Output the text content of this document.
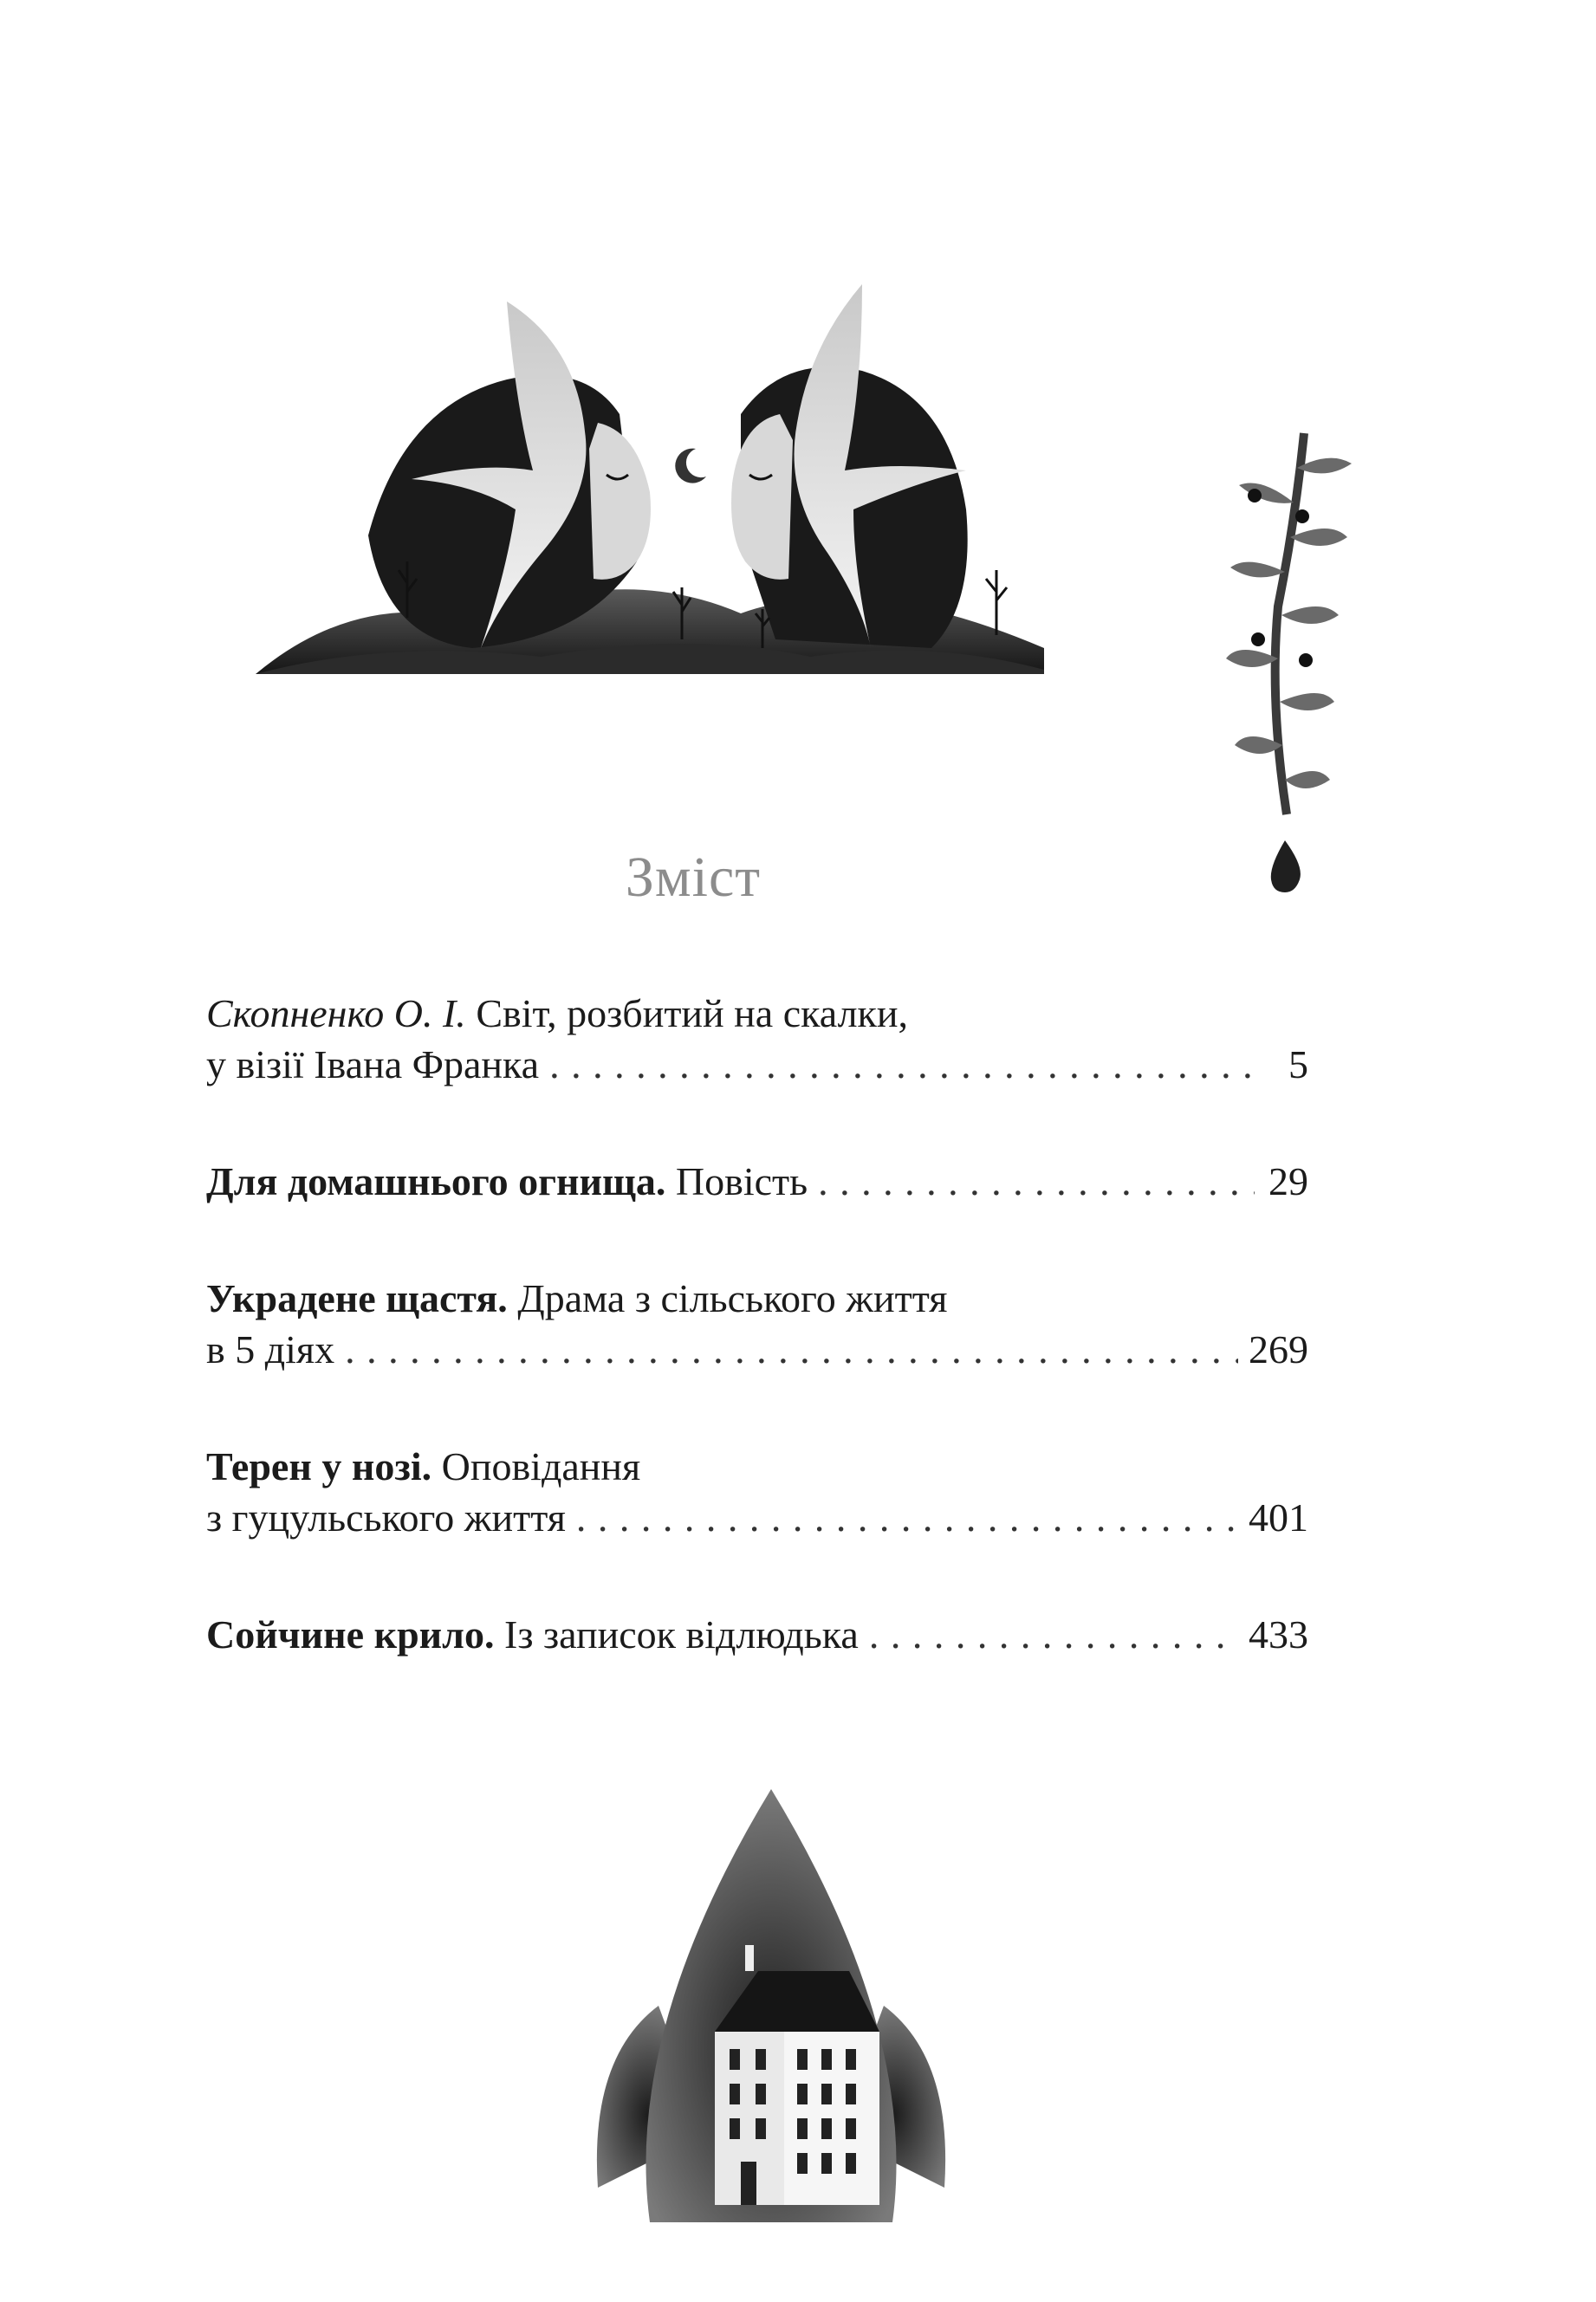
Зміст
Скопненко О. І.
Світ, розбитий на скалки,
у візії Івана Франка . . .	5
Для домашнього огнища.
Повість . . .	29
Украдене щастя.
Драма з сільського життя
в 5 діях . . .	269
Терен у нозі.
Оповідання
з гуцульського життя . . .	401
Сойчине крило.
Із записок відлюдька . . .	433
